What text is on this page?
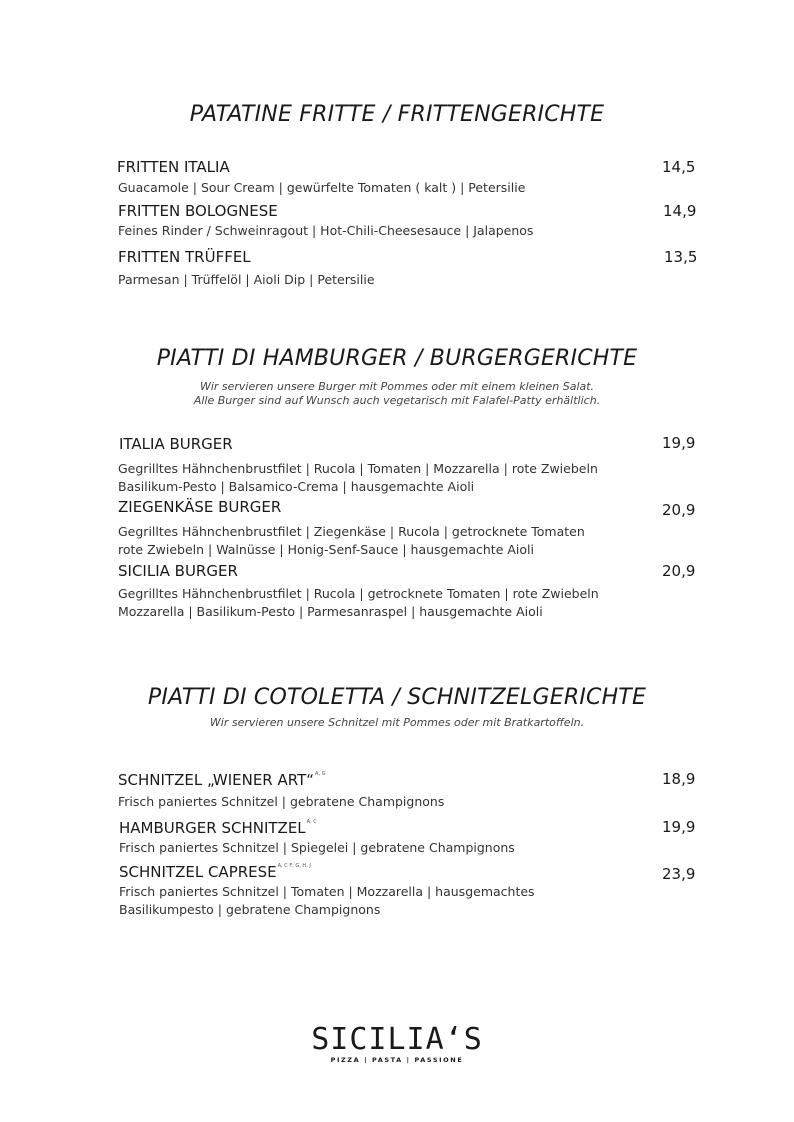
PATATINE FRITTE / FRITTENGERICHTE
FRITTEN ITALIA	14,5
Guacamole | Sour Cream | gewürfelte Tomaten ( kalt ) | Petersilie
FRITTEN BOLOGNESE	14,9
Feines Rinder / Schweinragout | Hot-Chili-Cheesesauce | Jalapenos
FRITTEN TRÜFFEL	13,5
Parmesan | Trüffelöl | Aioli Dip | Petersilie
PIATTI DI HAMBURGER / BURGERGERICHTE
Wir servieren unsere Burger mit Pommes oder mit einem kleinen Salat.
Alle Burger sind auf Wunsch auch vegetarisch mit Falafel-Patty erhältlich.
ITALIA BURGER	19,9
Gegrilltes Hähnchenbrustfilet | Rucola | Tomaten | Mozzarella | rote Zwiebeln
Basilikum-Pesto | Balsamico-Crema | hausgemachte Aioli
ZIEGENKÄSE BURGER	20,9
Gegrilltes Hähnchenbrustfilet | Ziegenkäse | Rucola | getrocknete Tomaten
rote Zwiebeln | Walnüsse | Honig-Senf-Sauce | hausgemachte Aioli
SICILIA BURGER	20,9
Gegrilltes Hähnchenbrustfilet | Rucola | getrocknete Tomaten | rote Zwiebeln
Mozzarella | Basilikum-Pesto | Parmesanraspel | hausgemachte Aioli
PIATTI DI COTOLETTA / SCHNITZELGERICHTE
Wir servieren unsere Schnitzel mit Pommes oder mit Bratkartoffeln.
SCHNITZEL „WIENER ART“$^{A, G}$	18,9
Frisch paniertes Schnitzel | gebratene Champignons
HAMBURGER $SCHNITZEL^{A, C}$	19,9
Frisch paniertes Schnitzel | Spiegelei | gebratene Champignons
SCHNITZEL $CAPRESE^{A, C F, G, H, J}$	23,9
Frisch paniertes Schnitzel | Tomaten | Mozzarella | hausgemachtes
Basilikumpesto | gebratene Champignons
SICILIA‘S
PIZZA | PASTA | PASSIONE
